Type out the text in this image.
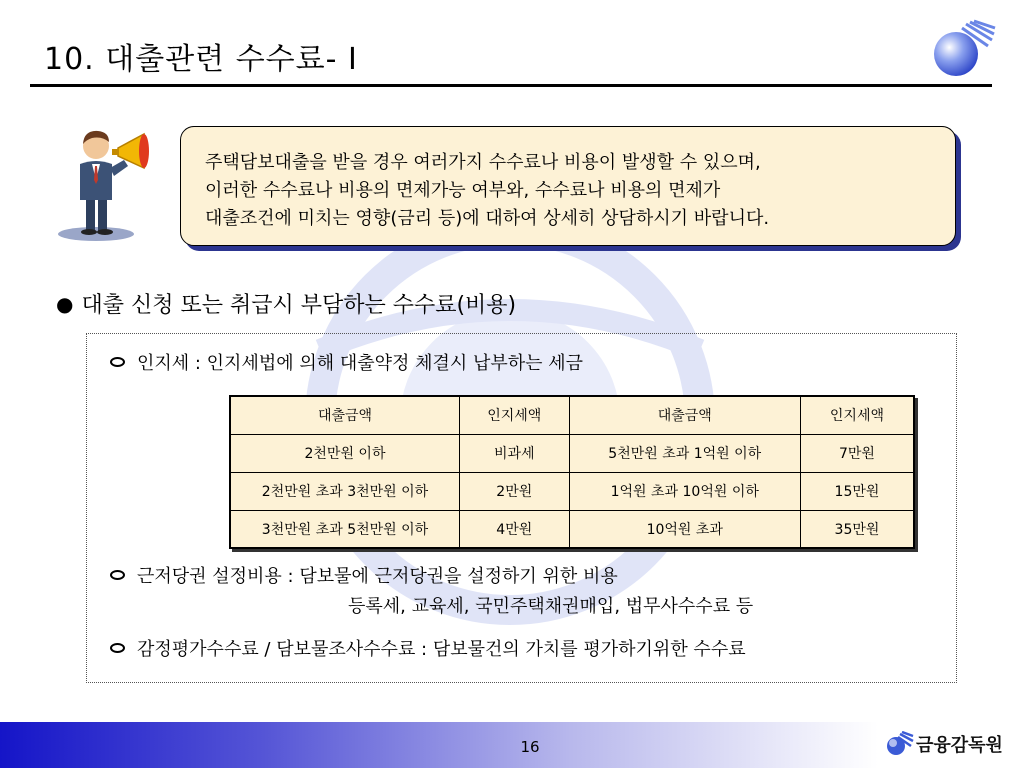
10. 대출관련 수수료- Ⅰ

주택담보대출을 받을 경우 여러가지 수수료나 비용이 발생할 수 있으며,

이러한 수수료나 비용의 면제가능 여부와, 수수료나 비용의 면제가

대출조건에 미치는 영향(금리 등)에 대하여 상세히 상담하시기 바랍니다.

● 대출 신청 또는 취급시 부담하는 수수료(비용)
인지세 : 인지세법에 의해 대출약정 체결시 납부하는 세금
대출금액	인지세액	대출금액	인지세액
2천만원 이하	비과세	5천만원 초과 1억원 이하	7만원
2천만원 초과 3천만원 이하	2만원	1억원 초과 10억원 이하	15만원
3천만원 초과 5천만원 이하	4만원	10억원 초과	35만원
근저당권 설정비용 : 담보물에 근저당권을 설정하기 위한 비용
등록세, 교육세, 국민주택채권매입, 법무사수수료 등
감정평가수수료 / 담보물조사수수료 : 담보물건의 가치를 평가하기위한 수수료
16	금융감독원
